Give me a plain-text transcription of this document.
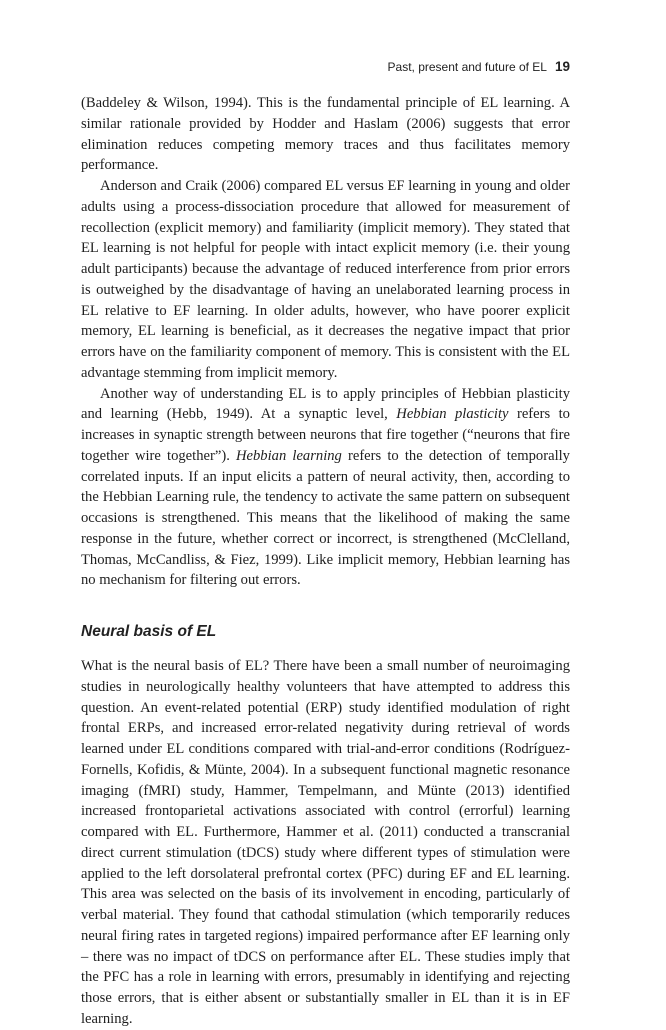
Past, present and future of EL 19

(Baddeley & Wilson, 1994). This is the fundamental principle of EL learning. A similar rationale provided by Hodder and Haslam (2006) suggests that error elimination reduces competing memory traces and thus facilitates memory performance.

Anderson and Craik (2006) compared EL versus EF learning in young and older adults using a process-dissociation procedure that allowed for measurement of recollection (explicit memory) and familiarity (implicit memory). They stated that EL learning is not helpful for people with intact explicit memory (i.e. their young adult participants) because the advantage of reduced interference from prior errors is outweighed by the disadvantage of having an unelaborated learning process in EL relative to EF learning. In older adults, however, who have poorer explicit memory, EL learning is beneficial, as it decreases the negative impact that prior errors have on the familiarity component of memory. This is consistent with the EL advantage stemming from implicit memory.

Another way of understanding EL is to apply principles of Hebbian plasticity and learning (Hebb, 1949). At a synaptic level, Hebbian plasticity refers to increases in synaptic strength between neurons that fire together (“neurons that fire together wire together”). Hebbian learning refers to the detection of temporally correlated inputs. If an input elicits a pattern of neural activity, then, according to the Hebbian Learning rule, the tendency to activate the same pattern on subsequent occasions is strengthened. This means that the likelihood of making the same response in the future, whether correct or incorrect, is strengthened (McClelland, Thomas, McCandliss, & Fiez, 1999). Like implicit memory, Hebbian learning has no mechanism for filtering out errors.

Neural basis of EL

What is the neural basis of EL? There have been a small number of neuroimaging studies in neurologically healthy volunteers that have attempted to address this question. An event-related potential (ERP) study identified modulation of right frontal ERPs, and increased error-related negativity during retrieval of words learned under EL conditions compared with trial-and-error conditions (Rodríguez-Fornells, Kofidis, & Münte, 2004). In a subsequent functional magnetic resonance imaging (fMRI) study, Hammer, Tempelmann, and Münte (2013) identified increased frontoparietal activations associated with control (errorful) learning compared with EL. Furthermore, Hammer et al. (2011) conducted a transcranial direct current stimulation (tDCS) study where different types of stimulation were applied to the left dorsolateral prefrontal cortex (PFC) during EF and EL learning. This area was selected on the basis of its involvement in encoding, particularly of verbal material. They found that cathodal stimulation (which temporarily reduces neural firing rates in targeted regions) impaired performance after EF learning only – there was no impact of tDCS on performance after EL. These studies imply that the PFC has a role in learning with errors, presumably in identifying and rejecting those errors, that is either absent or substantially smaller in EL than it is in EF learning.
